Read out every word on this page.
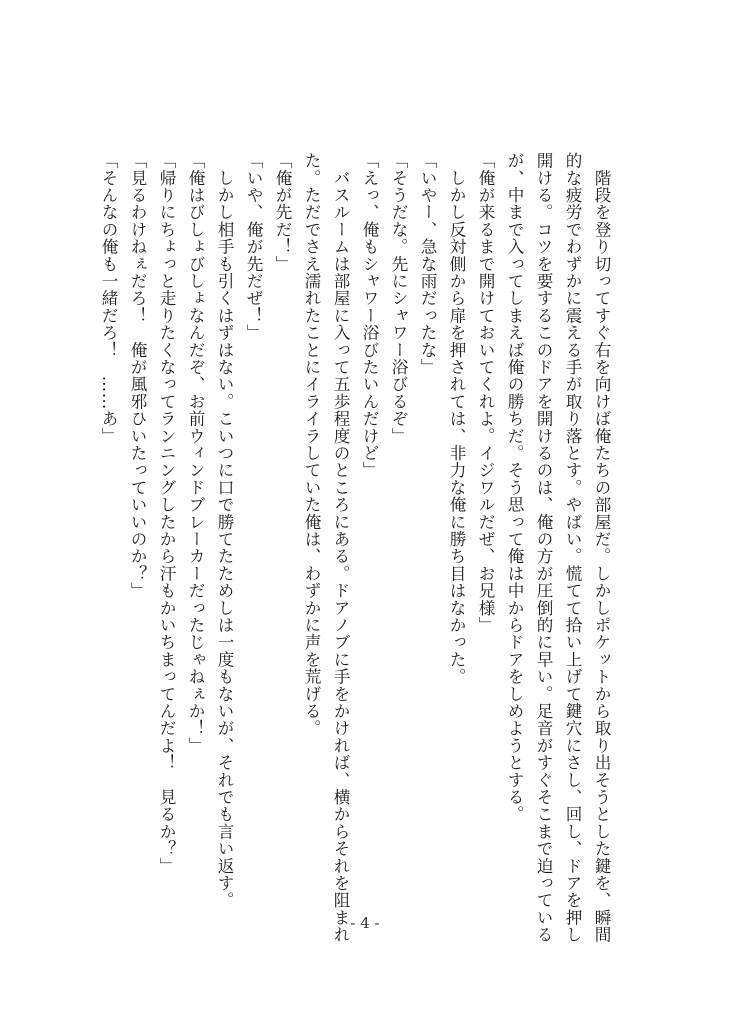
　階段を登り切ってすぐ右を向けば俺たちの部屋だ。しかしポケットから取り出そうとした鍵を、瞬間
的な疲労でわずかに震える手が取り落とす。やばい。慌てて拾い上げて鍵穴にさし、回し、ドアを押し
開ける。コツを要するこのドアを開けるのは、俺の方が圧倒的に早い。足音がすぐそこまで迫っている
が、中まで入ってしまえば俺の勝ちだ。そう思って俺は中からドアをしめようとする。
「俺が来るまで開けておいてくれよ。イジワルだぜ、お兄様」
　しかし反対側から扉を押されては、非力な俺に勝ち目はなかった。
「いやー、急な雨だったな」
「そうだな。先にシャワー浴びるぞ」
「えっ、俺もシャワー浴びたいんだけど」
　バスルームは部屋に入って五歩程度のところにある。ドアノブに手をかければ、横からそれを阻まれ
た。ただでさえ濡れたことにイライラしていた俺は、わずかに声を荒げる。
「俺が先だ！」
「いや、俺が先だぜ！」
　しかし相手も引くはずはない。こいつに口で勝てたためしは一度もないが、それでも言い返す。
「俺はびしょびしょなんだぞ、お前ウィンドブレーカーだったじゃねぇか！」
「帰りにちょっと走りたくなってランニングしたから汗もかいちまってんだよ！　見るか？」
「見るわけねぇだろ！　俺が風邪ひいたっていいのか？」
「そんなの俺も一緒だろ！　……あ」
- 4 -
